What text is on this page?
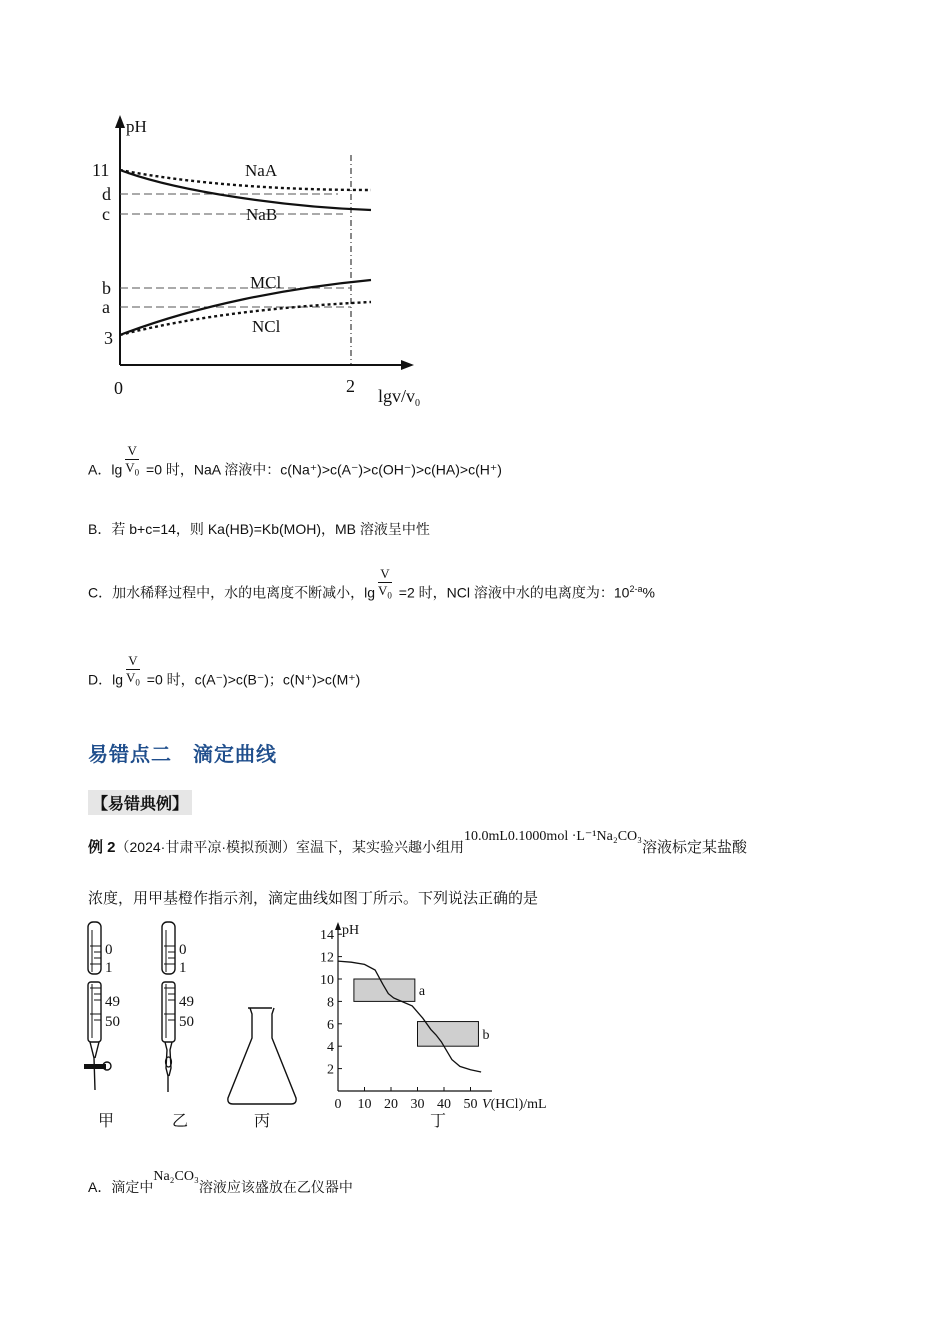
pH
11
d
c
b
a
3
0	2 lgv/$v_0$
NaA
NaB
MCl
NCl
A．$\lg \frac{V}{V_0} =0$ 时，NaA 溶液中：c(Na⁺)>c(A⁻)>c(OH⁻)>c(HA)>c(H⁺)
B．若 b+c=14，则 Ka(HB)=Kb(MOH)，MB 溶液呈中性
C．加水稀释过程中，水的电离度不断减小，$\lg \frac{V}{V_0} =2$ 时，NCl 溶液中水的电离度为：10$^{2-a}$%
D．$\lg \frac{V}{V_0} =0$ 时，c(A⁻)>c(B⁻)；c(N⁺)>c(M⁺)
易错点二　滴定曲线
【易错典例】
例 2（2024·甘肃平凉·模拟预测）室温下，某实验兴趣小组用10.0mL0.1000mol ·L⁻¹Na₂CO₃溶液标定某盐酸
浓度，用甲基橙作指示剂，滴定曲线如图丁所示。下列说法正确的是
0
1
49
50
甲
0
1
49
50
乙	丙
pH
V(HCl)/mL
a
b
2
4
6
8
10
12
14
0 10 20 30 40 50
丁
A．滴定中Na₂CO₃溶液应该盛放在乙仪器中
